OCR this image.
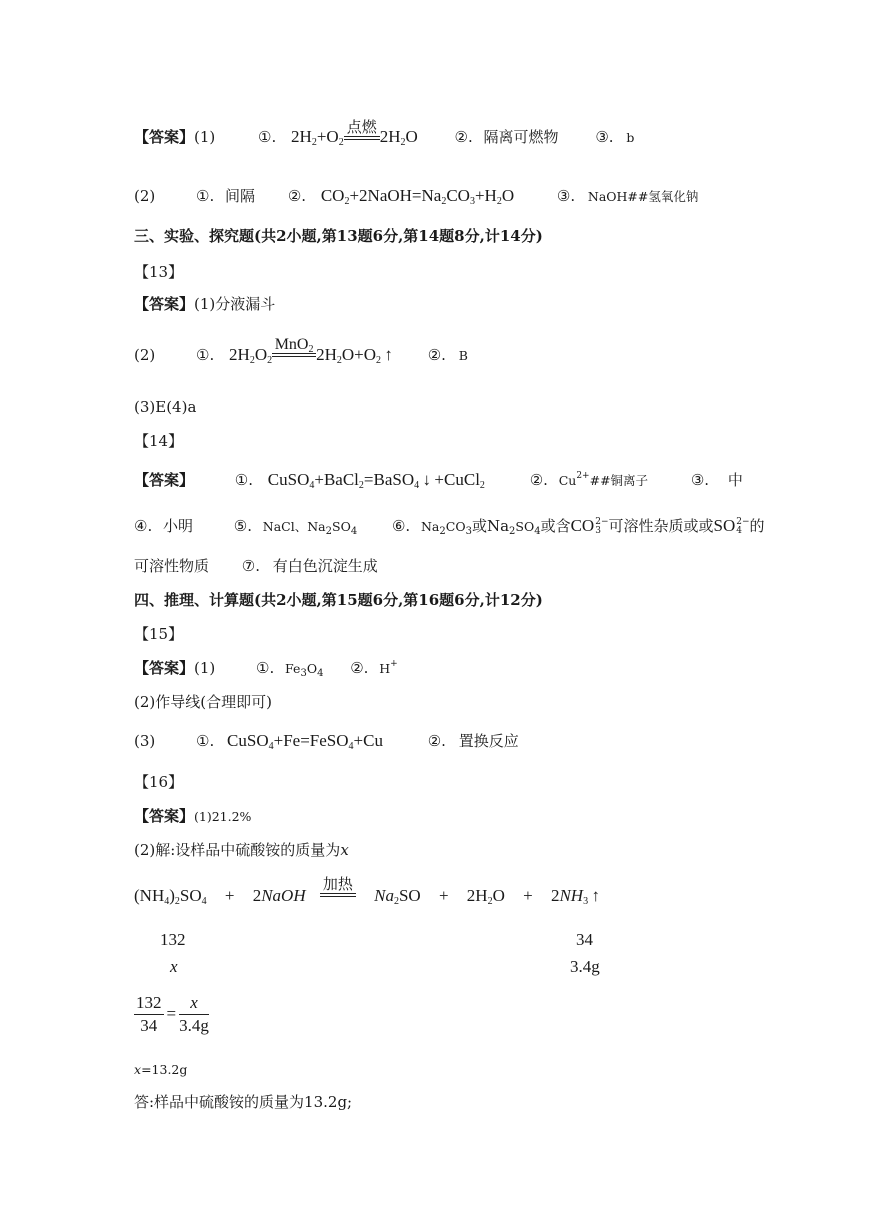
【答案】(1)	①. $2H_2+O_2$
点燃 $2H_2O$ ②. 隔离可燃物 ③. b
(2)	①. 间隔 ②. $CO_2+2NaOH=Na_2CO_3+H_2O$	③. NaOH##氢氧化钠
三、实验、探究题(共2小题,第13题6分,第14题8分,计14分)
【13】
【答案】(1)分液漏斗
(2)	①. $2H_2O_2$
MnO$_2$ $2H_2O+O_2$ ↑ ②. B
(3)E(4)a
【14】
【答案】	①. CuSO$_4$+BaCl$_2$=BaSO$_4$ ↓ +CuCl$_2$	②. $Cu^{2+}\#\#$铜离子	③. 中
④. 小明	⑤. NaCl、$Na_2SO_4$ ⑥. $Na_2CO_3$或$Na_2SO_4$或含CO 2−
3 可溶性杂质或或SO 2−
4 的
可溶性物质 ⑦. 有白色沉淀生成
四、推理、计算题(共2小题,第15题6分,第16题6分,计12分)
【15】
【答案】(1)	①. $Fe_3O_4$ ②. H+
(2)作导线(合理即可)
(3)	①. CuSO$_4$+Fe=FeSO$_4$+Cu	②. 置换反应
【16】
【答案】(1)21.2%
(2)解:设样品中硫酸铵的质量为x
$(NH_4)_2SO_4$ + 2NaOH
加热
$Na_2SO + 2H_2O + 2NH_3$ ↑
132	34
x	3.4g
$\frac{132}{34} = \frac{x}{3.4g}$
x=13.2g
答:样品中硫酸铵的质量为13.2g;
